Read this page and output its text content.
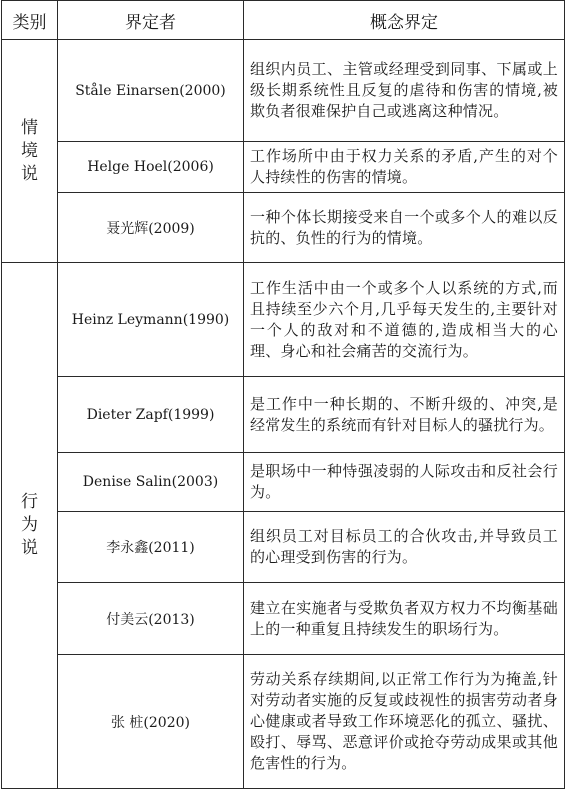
类别	界定者	概念界定
情境说	Ståle Einarsen(2000)	组织内员工、主管或经理受到同事、下属或上级长期系统性且反复的虐待和伤害的情境,被欺负者很难保护自己或逃离这种情况。
	Helge Hoel(2006)	工作场所中由于权力关系的矛盾,产生的对个人持续性的伤害的情境。
	聂光辉(2009)	一种个体长期接受来自一个或多个人的难以反抗的、负性的行为的情境。
行为说	Heinz Leymann(1990)	工作生活中由一个或多个人以系统的方式,而且持续至少六个月,几乎每天发生的,主要针对一个人的敌对和不道德的,造成相当大的心理、身心和社会痛苦的交流行为。
	Dieter Zapf(1999)	是工作中一种长期的、不断升级的、冲突,是经常发生的系统而有针对目标人的骚扰行为。
	Denise Salin(2003)	是职场中一种恃强凌弱的人际攻击和反社会行为。
	李永鑫(2011)	组织员工对目标员工的合伙攻击,并导致员工的心理受到伤害的行为。
	付美云(2013)	建立在实施者与受欺负者双方权力不均衡基础上的一种重复且持续发生的职场行为。
	张 桩(2020)	劳动关系存续期间,以正常工作行为为掩盖,针对劳动者实施的反复或歧视性的损害劳动者身心健康或者导致工作环境恶化的孤立、骚扰、殴打、辱骂、恶意评价或抢夺劳动成果或其他危害性的行为。
